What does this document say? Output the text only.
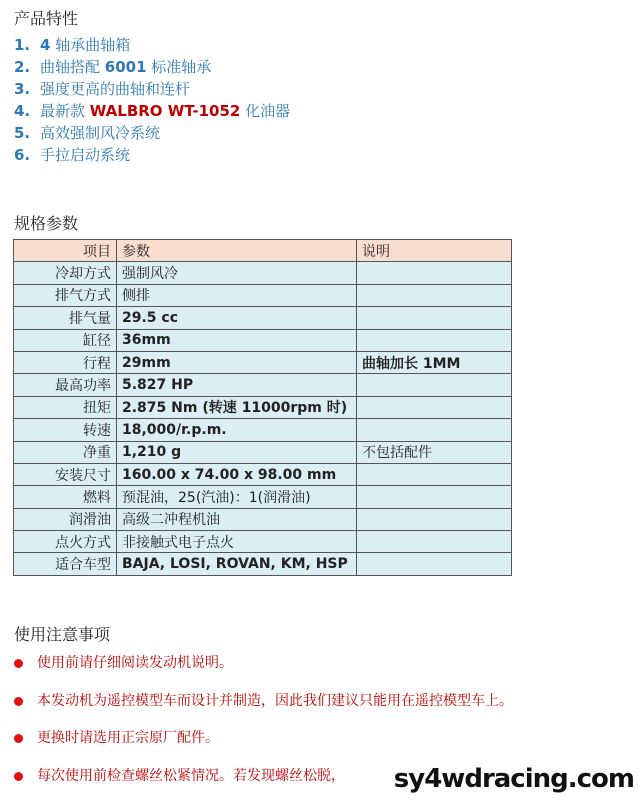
产品特性
1. 4 轴承曲轴箱
2. 曲轴搭配 6001 标准轴承
3. 强度更高的曲轴和连杆
4. 最新款 WALBRO WT-1052 化油器
5. 高效强制风冷系统
6. 手拉启动系统
规格参数
项目	参数	说明
冷却方式	强制风冷	
排气方式	侧排	
排气量	29.5 cc	
缸径	36mm	
行程	29mm	曲轴加长 1MM
最高功率	5.827 HP	
扭矩	2.875 Nm (转速 11000rpm 时)	
转速	18,000/r.p.m.	
净重	1,210 g	不包括配件
安装尺寸	160.00 x 74.00 x 98.00 mm	
燃料	预混油，25(汽油)：1(润滑油)	
润滑油	高级二冲程机油	
点火方式	非接触式电子点火	
适合车型	BAJA, LOSI, ROVAN, KM, HSP	
使用注意事项
使用前请仔细阅读发动机说明。
本发动机为遥控模型车而设计并制造，因此我们建议只能用在遥控模型车上。
更换时请选用正宗原厂配件。
每次使用前检查螺丝松紧情况。若发现螺丝松脱， sy4wdracing.com
